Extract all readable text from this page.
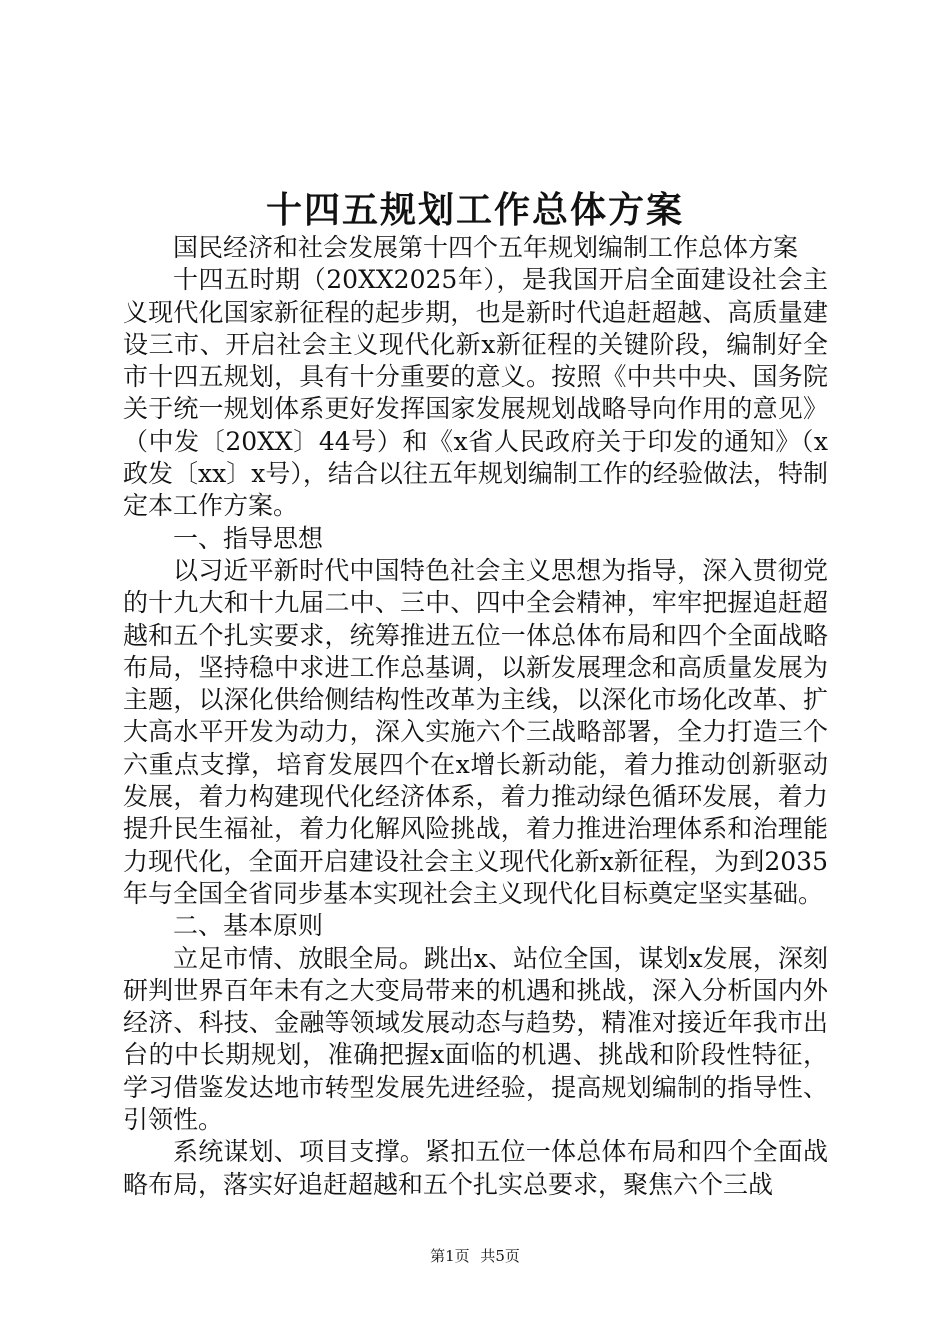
十四五规划工作总体方案

国民经济和社会发展第十四个五年规划编制工作总体方案

十四五时期（20XX2025年），是我国开启全面建设社会主义现代化国家新征程的起步期，也是新时代追赶超越、高质量建设三市、开启社会主义现代化新x新征程的关键阶段，编制好全市十四五规划，具有十分重要的意义。按照《中共中央、国务院关于统一规划体系更好发挥国家发展规划战略导向作用的意见》（中发〔20XX〕44号）和《x省人民政府关于印发的通知》（x政发〔xx〕x号），结合以往五年规划编制工作的经验做法，特制定本工作方案。

一、指导思想

以习近平新时代中国特色社会主义思想为指导，深入贯彻党的十九大和十九届二中、三中、四中全会精神，牢牢把握追赶超越和五个扎实要求，统筹推进五位一体总体布局和四个全面战略布局，坚持稳中求进工作总基调，以新发展理念和高质量发展为主题，以深化供给侧结构性改革为主线，以深化市场化改革、扩大高水平开发为动力，深入实施六个三战略部署，全力打造三个六重点支撑，培育发展四个在x增长新动能，着力推动创新驱动发展，着力构建现代化经济体系，着力推动绿色循环发展，着力提升民生福祉，着力化解风险挑战，着力推进治理体系和治理能力现代化，全面开启建设社会主义现代化新x新征程，为到2035年与全国全省同步基本实现社会主义现代化目标奠定坚实基础。

二、基本原则

立足市情、放眼全局。跳出x、站位全国，谋划x发展，深刻研判世界百年未有之大变局带来的机遇和挑战，深入分析国内外经济、科技、金融等领域发展动态与趋势，精准对接近年我市出台的中长期规划，准确把握x面临的机遇、挑战和阶段性特征，学习借鉴发达地市转型发展先进经验，提高规划编制的指导性、引领性。

系统谋划、项目支撑。紧扣五位一体总体布局和四个全面战略布局，落实好追赶超越和五个扎实总要求，聚焦六个三战

第1页 共5页
